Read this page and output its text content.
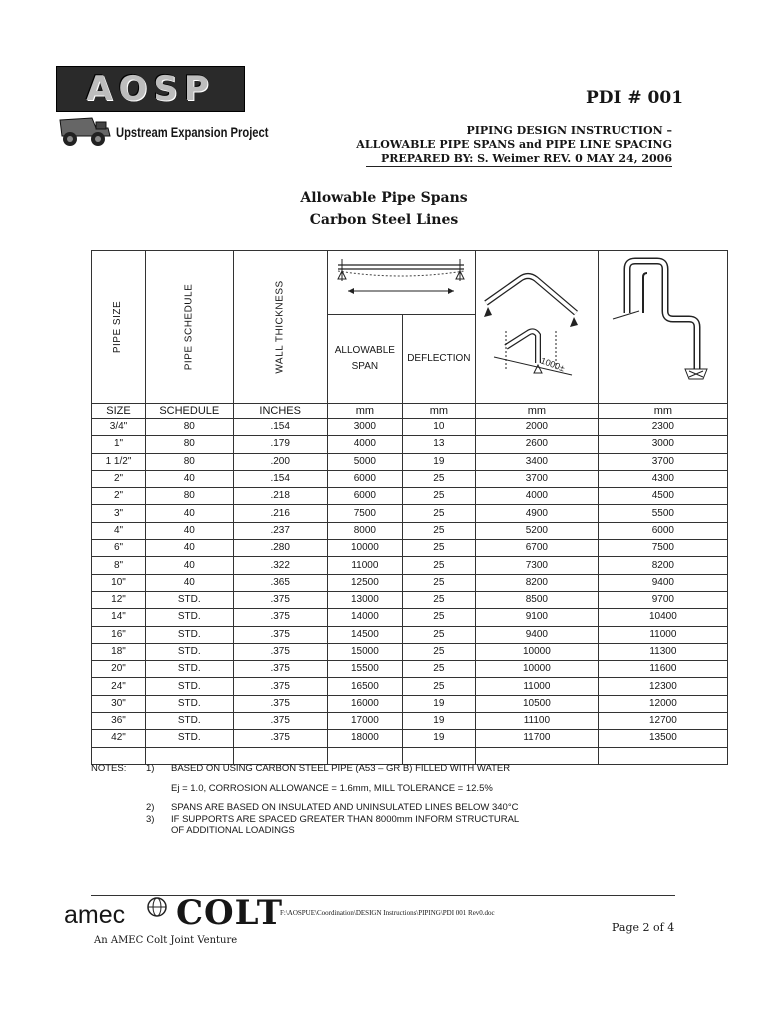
AOSP
Upstream Expansion Project
PDI # 001
PIPING DESIGN INSTRUCTION –
ALLOWABLE PIPE SPANS and PIPE LINE SPACING
PREPARED BY: S. Weimer REV. 0 MAY 24, 2006
Allowable Pipe Spans
Carbon Steel Lines
PIPE SIZE	PIPE SCHEDULE	WALL THICKNESS			1000±

			ALLOWABLE SPAN	DEFLECTION		
SIZE	SCHEDULE	INCHES	mm	mm	mm	mm
3/4"	80	.154	3000	10	2000	2300
1"	80	.179	4000	13	2600	3000
1 1/2"	80	.200	5000	19	3400	3700
2"	40	.154	6000	25	3700	4300
2"	80	.218	6000	25	4000	4500
3"	40	.216	7500	25	4900	5500
4"	40	.237	8000	25	5200	6000
6"	40	.280	10000	25	6700	7500
8"	40	.322	11000	25	7300	8200
10"	40	.365	12500	25	8200	9400
12"	STD.	.375	13000	25	8500	9700
14"	STD.	.375	14000	25	9100	10400
16"	STD.	.375	14500	25	9400	11000
18"	STD.	.375	15000	25	10000	11300
20"	STD.	.375	15500	25	10000	11600
24"	STD.	.375	16500	25	11000	12300
30"	STD.	.375	16000	19	10500	12000
36"	STD.	.375	17000	19	11100	12700
42"	STD.	.375	18000	19	11700	13500

NOTES: 1) BASED ON USING CARBON STEEL PIPE (A53 – GR B) FILLED WITH WATER
Ej = 1.0, CORROSION ALLOWANCE = 1.6mm, MILL TOLERANCE = 12.5%
2) SPANS ARE BASED ON INSULATED AND UNINSULATED LINES BELOW 340°C
3) IF SUPPORTS ARE SPACED GREATER THAN 8000mm INFORM STRUCTURAL
OF ADDITIONAL LOADINGS
amec COLT
An AMEC Colt Joint Venture
F:\AOSPUE\Coordination\DESIGN Instructions\PIPING\PDI 001 Rev0.doc
Page 2 of 4
